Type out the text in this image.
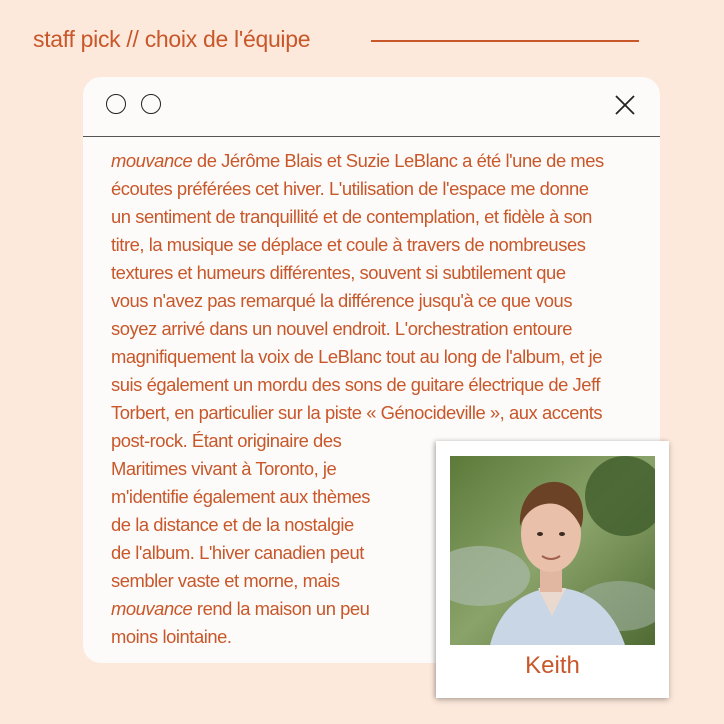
staff pick // choix de l'équipe

mouvance de Jérôme Blais et Suzie LeBlanc a été l'une de mes

écoutes préférées cet hiver. L'utilisation de l'espace me donne

un sentiment de tranquillité et de contemplation, et fidèle à son

titre, la musique se déplace et coule à travers de nombreuses

textures et humeurs différentes, souvent si subtilement que

vous n'avez pas remarqué la différence jusqu'à ce que vous

soyez arrivé dans un nouvel endroit. L'orchestration entoure

magnifiquement la voix de LeBlanc tout au long de l'album, et je

suis également un mordu des sons de guitare électrique de Jeff

Torbert, en particulier sur la piste « Génocideville », aux accents

post-rock. Étant originaire des

Maritimes vivant à Toronto, je

m'identifie également aux thèmes

de la distance et de la nostalgie

de l'album. L'hiver canadien peut

sembler vaste et morne, mais

mouvance rend la maison un peu

moins lointaine.

Keith
